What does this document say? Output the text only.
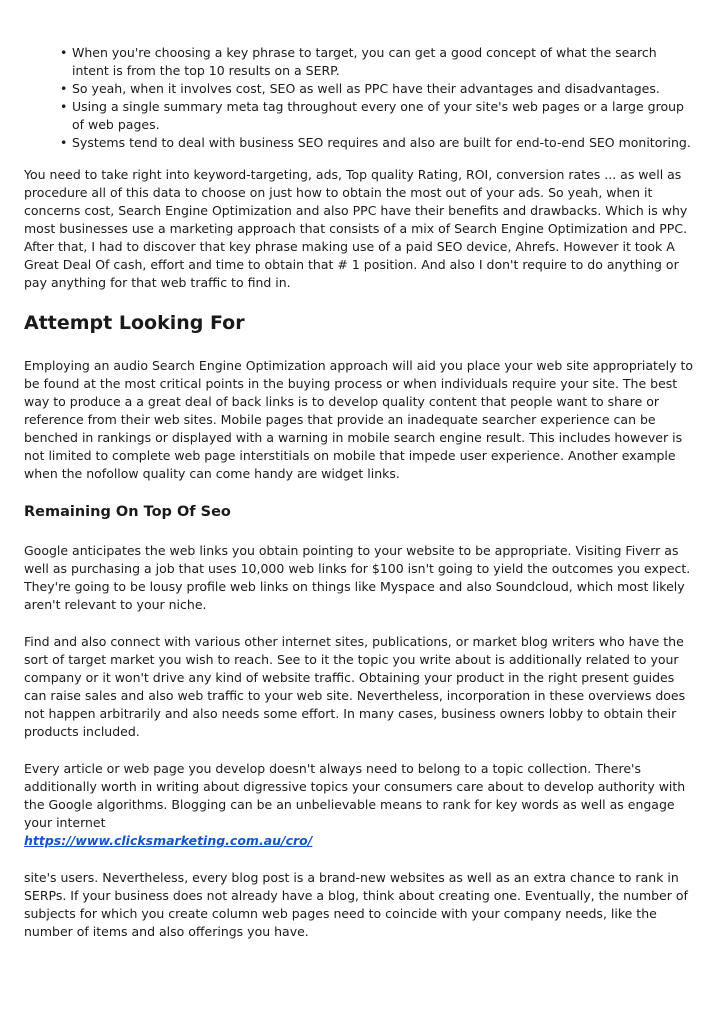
• When you're choosing a key phrase to target, you can get a good concept of what the search intent is from the top 10 results on a SERP.
• So yeah, when it involves cost, SEO as well as PPC have their advantages and disadvantages.
• Using a single summary meta tag throughout every one of your site's web pages or a large group of web pages.
• Systems tend to deal with business SEO requires and also are built for end-to-end SEO monitoring.

You need to take right into keyword-targeting, ads, Top quality Rating, ROI, conversion rates ... as well as procedure all of this data to choose on just how to obtain the most out of your ads. So yeah, when it concerns cost, Search Engine Optimization and also PPC have their benefits and drawbacks. Which is why most businesses use a marketing approach that consists of a mix of Search Engine Optimization and PPC. After that, I had to discover that key phrase making use of a paid SEO device, Ahrefs. However it took A Great Deal Of cash, effort and time to obtain that # 1 position. And also I don't require to do anything or pay anything for that web traffic to find in.

Attempt Looking For

Employing an audio Search Engine Optimization approach will aid you place your web site appropriately to be found at the most critical points in the buying process or when individuals require your site. The best way to produce a a great deal of back links is to develop quality content that people want to share or reference from their web sites. Mobile pages that provide an inadequate searcher experience can be benched in rankings or displayed with a warning in mobile search engine result. This includes however is not limited to complete web page interstitials on mobile that impede user experience. Another example when the nofollow quality can come handy are widget links.

Remaining On Top Of Seo

Google anticipates the web links you obtain pointing to your website to be appropriate. Visiting Fiverr as well as purchasing a job that uses 10,000 web links for $100 isn't going to yield the outcomes you expect. They're going to be lousy profile web links on things like Myspace and also Soundcloud, which most likely aren't relevant to your niche.

Find and also connect with various other internet sites, publications, or market blog writers who have the sort of target market you wish to reach. See to it the topic you write about is additionally related to your company or it won't drive any kind of website traffic. Obtaining your product in the right present guides can raise sales and also web traffic to your web site. Nevertheless, incorporation in these overviews does not happen arbitrarily and also needs some effort. In many cases, business owners lobby to obtain their products included.

Every article or web page you develop doesn't always need to belong to a topic collection. There's additionally worth in writing about digressive topics your consumers care about to develop authority with the Google algorithms. Blogging can be an unbelievable means to rank for key words as well as engage your internet
https://www.clicksmarketing.com.au/cro/

site's users. Nevertheless, every blog post is a brand-new websites as well as an extra chance to rank in SERPs. If your business does not already have a blog, think about creating one. Eventually, the number of subjects for which you create column web pages need to coincide with your company needs, like the number of items and also offerings you have.
